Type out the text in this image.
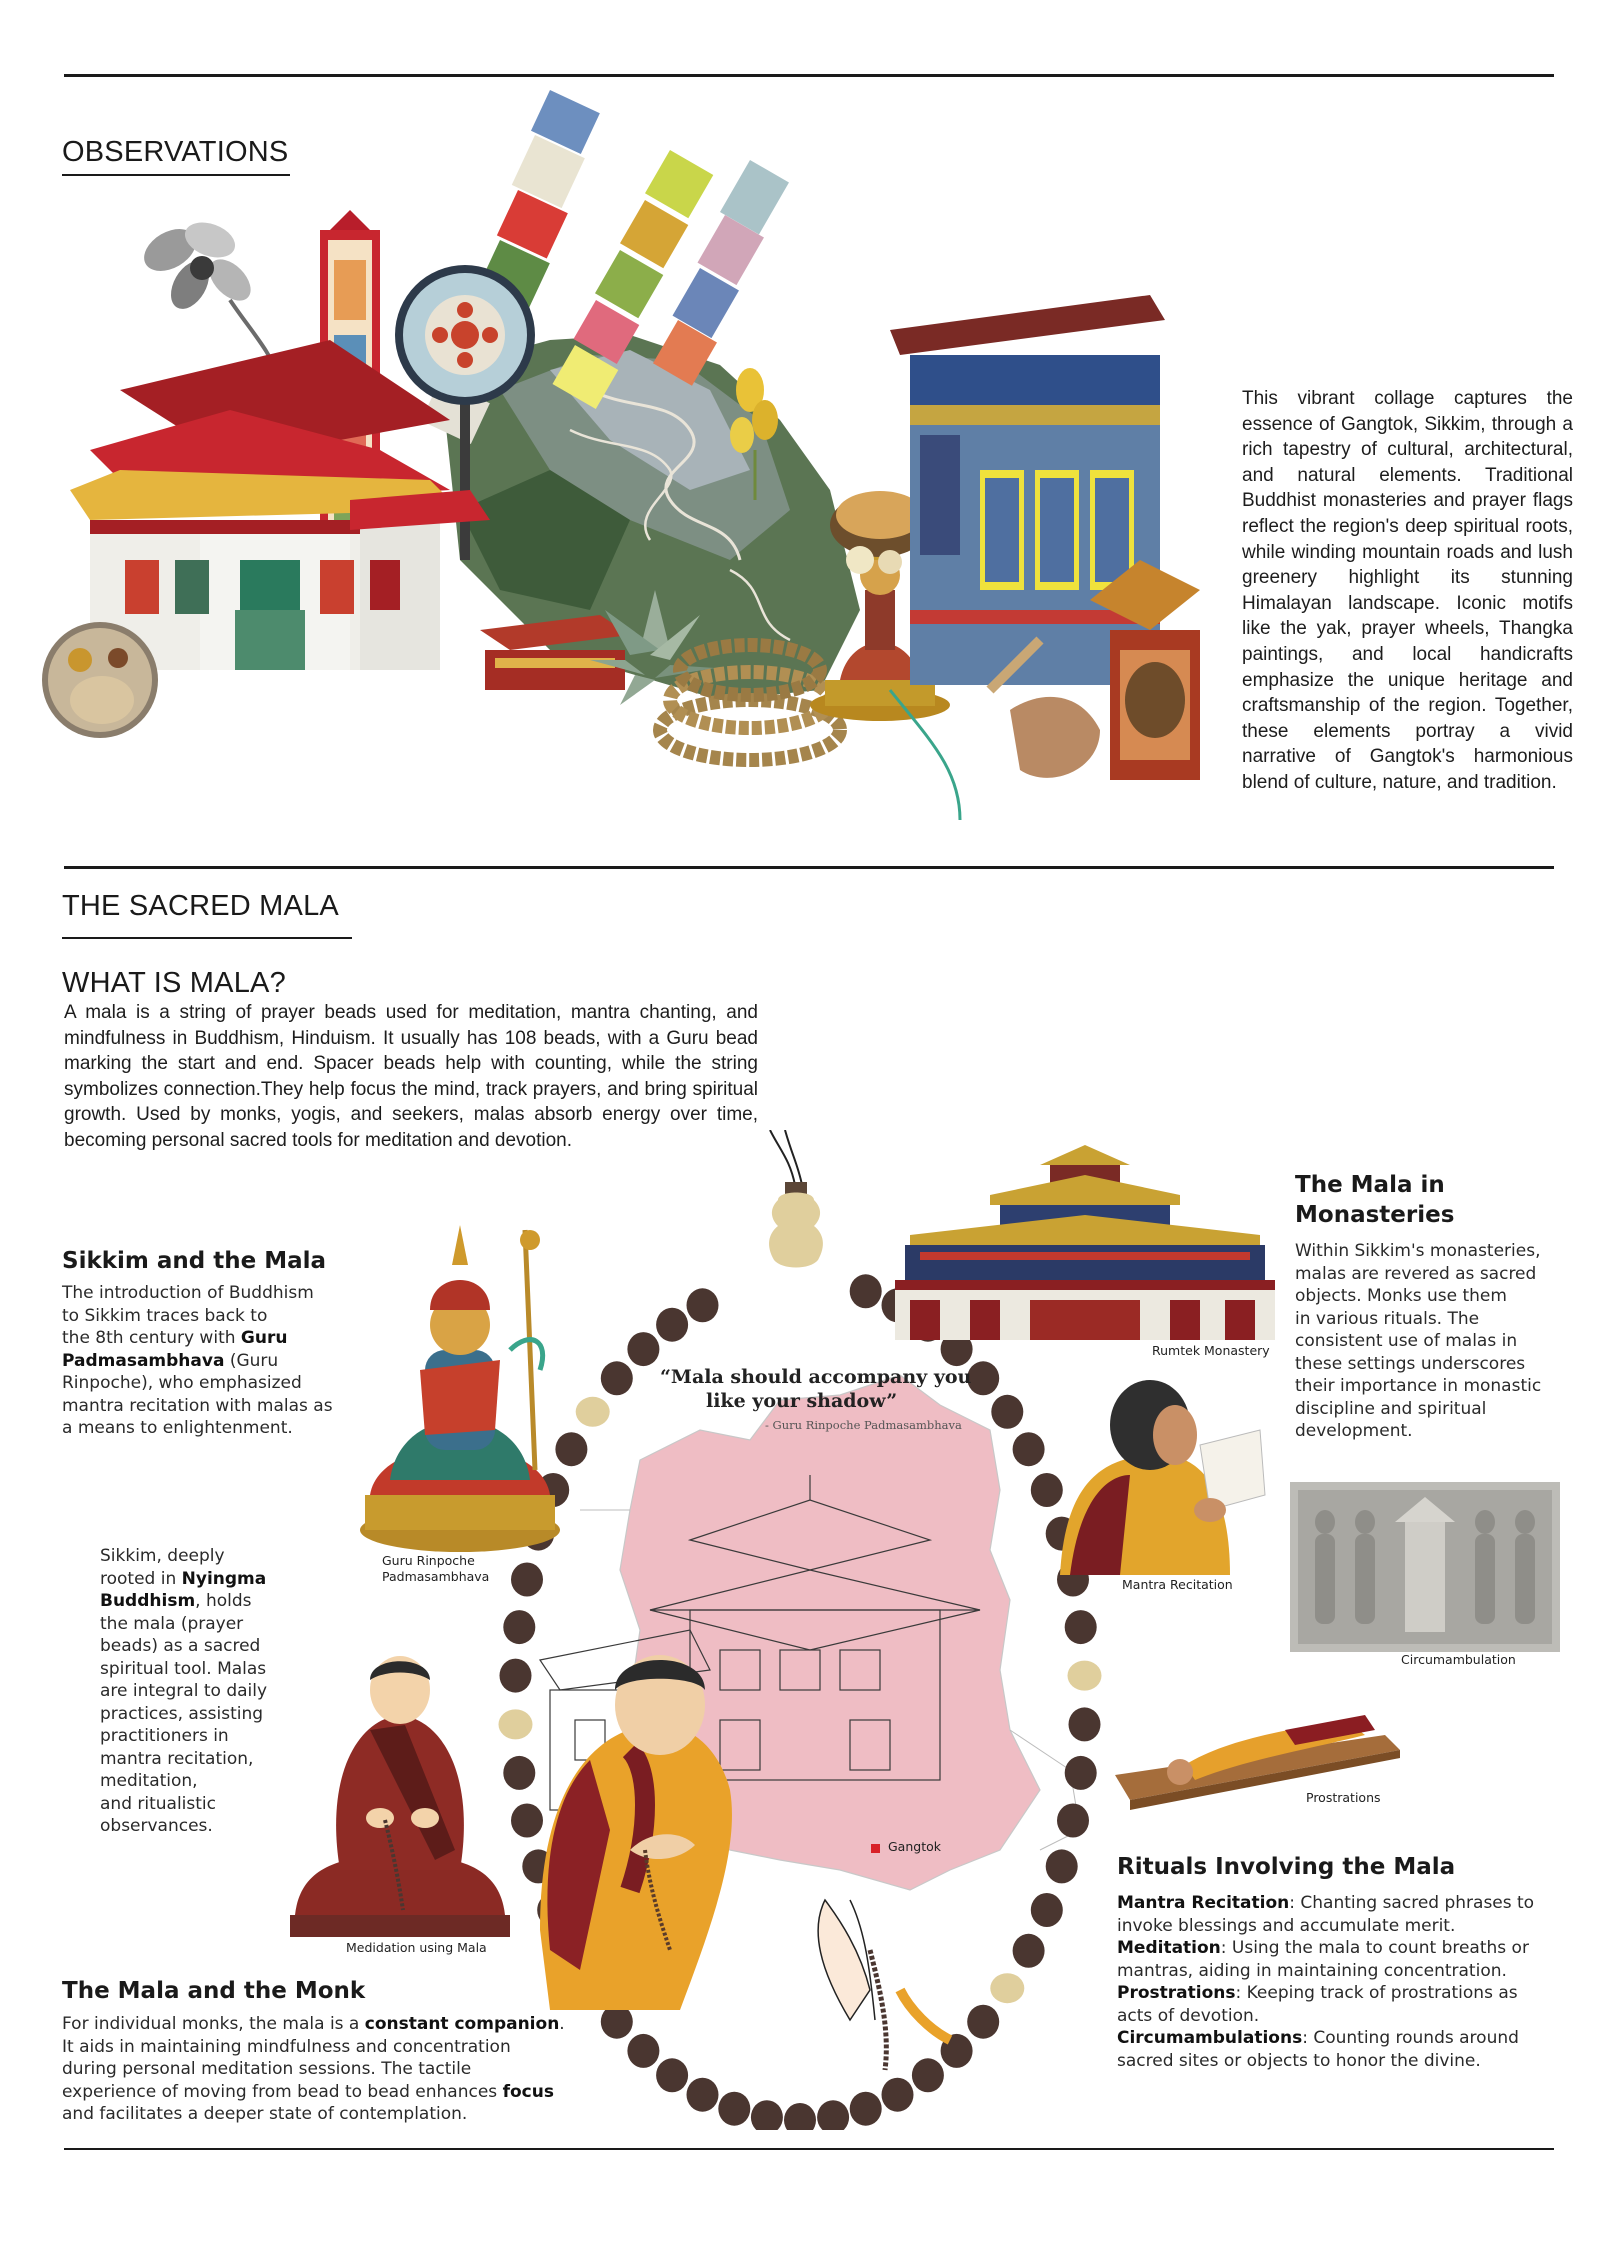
OBSERVATIONS
This vibrant collage captures the essence of Gangtok, Sikkim, through a rich tapestry of cultural, architectural, and natural elements. Traditional Buddhist monasteries and prayer flags reflect the region's deep spiritual roots, while winding mountain roads and lush greenery highlight its stunning Himalayan landscape. Iconic motifs like the yak, prayer wheels, Thangka paintings, and local handicrafts emphasize the unique heritage and craftsmanship of the region. Together, these elements portray a vivid narrative of Gangtok's harmonious blend of culture, nature, and tradition.
THE SACRED MALA
WHAT IS MALA?
A mala is a string of prayer beads used for meditation, mantra chanting, and mindfulness in Buddhism, Hinduism. It usually has 108 beads, with a Guru bead marking the start and end. Spacer beads help with counting, while the string symbolizes connection.They help focus the mind, track prayers, and bring spiritual growth. Used by monks, yogis, and seekers, malas absorb energy over time, becoming personal sacred tools for meditation and devotion.
“Mala should accompany you
like your shadow”
- Guru Rinpoche Padmasambhava
Gangtok
Sikkim and the Mala
The introduction of Buddhism
to Sikkim traces back to
the 8th century with Guru
Padmasambhava (Guru
Rinpoche), who emphasized
mantra recitation with malas as
a means to enlightenment.
Guru Rinpoche
Padmasambhava
Sikkim, deeply
rooted in Nyingma
Buddhism, holds
the mala (prayer
beads) as a sacred
spiritual tool. Malas
are integral to daily
practices, assisting
practitioners in
mantra recitation,
meditation,
and ritualistic
observances.
Medidation using Mala
The Mala and the Monk
For individual monks, the mala is a constant companion.
It aids in maintaining mindfulness and concentration
during personal meditation sessions. The tactile
experience of moving from bead to bead enhances focus
and facilitates a deeper state of contemplation.
Rumtek Monastery
The Mala in
Monasteries
Within Sikkim's monasteries,
malas are revered as sacred
objects. Monks use them
in various rituals. The
consistent use of malas in
these settings underscores
their importance in monastic
discipline and spiritual
development.
Mantra Recitation
Circumambulation
Prostrations
Rituals Involving the Mala
Mantra Recitation: Chanting sacred phrases to
invoke blessings and accumulate merit.
Meditation: Using the mala to count breaths or
mantras, aiding in maintaining concentration.
Prostrations: Keeping track of prostrations as
acts of devotion.
Circumambulations: Counting rounds around
sacred sites or objects to honor the divine.
